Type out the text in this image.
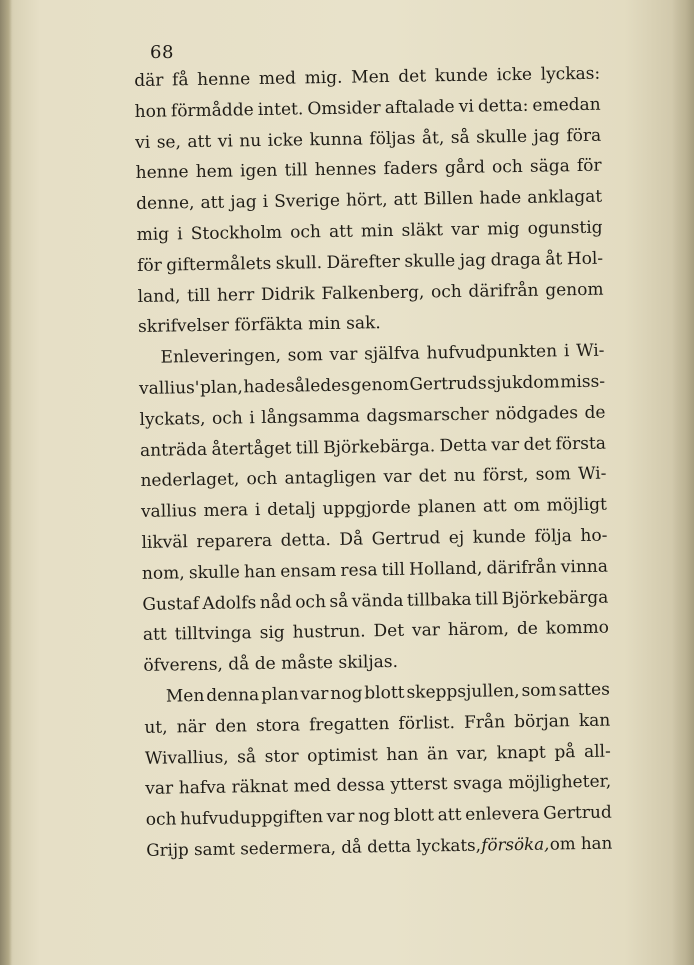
68
där få henne med mig. Men det kunde icke lyckas:
hon förmådde intet. Omsider aftalade vi detta: emedan
vi se, att vi nu icke kunna följas åt, så skulle jag föra
henne hem igen till hennes faders gård och säga för
denne, att jag i Sverige hört, att Billen hade anklagat
mig i Stockholm och att min släkt var mig ogunstig
för giftermålets skull. Därefter skulle jag draga åt Hol-
land, till herr Didrik Falkenberg, och därifrån genom
skrifvelser förfäkta min sak.
Enleveringen, som var själfva hufvudpunkten i Wi-
vallius' plan, hade således genom Gertruds sjukdom miss-
lyckats, och i långsamma dagsmarscher nödgades de
anträda återtåget till Björkebärga. Detta var det första
nederlaget, och antagligen var det nu först, som Wi-
vallius mera i detalj uppgjorde planen att om möjligt
likväl reparera detta. Då Gertrud ej kunde följa ho-
nom, skulle han ensam resa till Holland, därifrån vinna
Gustaf Adolfs nåd och så vända tillbaka till Björkebärga
att tilltvinga sig hustrun. Det var härom, de kommo
öfverens, då de måste skiljas.
Men denna plan var nog blott skeppsjullen, som sattes
ut, när den stora fregatten förlist. Från början kan
Wivallius, så stor optimist han än var, knapt på all-
var hafva räknat med dessa ytterst svaga möjligheter,
och hufvuduppgiften var nog blott att enlevera Gertrud
Grijp samt sedermera, då detta lyckats, försöka, om han
